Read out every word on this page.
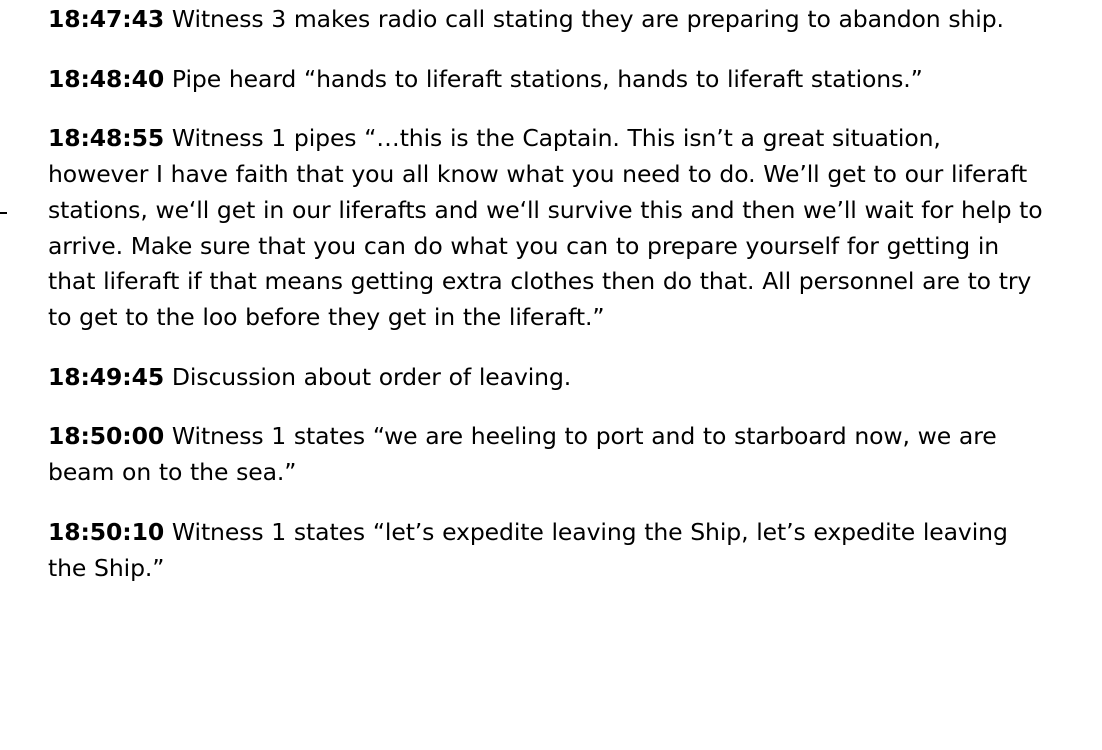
18:47:43 Witness 3 makes radio call stating they are preparing to abandon ship.

18:48:40 Pipe heard “hands to liferaft stations, hands to liferaft stations.”

18:48:55 Witness 1 pipes “…this is the Captain. This isn’t a great situation, however I have faith that you all know what you need to do. We’ll get to our liferaft stations, we‘ll get in our liferafts and we‘ll survive this and then we’ll wait for help to arrive. Make sure that you can do what you can to prepare yourself for getting in that liferaft if that means getting extra clothes then do that. All personnel are to try to get to the loo before they get in the liferaft.”

18:49:45 Discussion about order of leaving.

18:50:00 Witness 1 states “we are heeling to port and to starboard now, we are beam on to the sea.”

18:50:10 Witness 1 states “let’s expedite leaving the Ship, let’s expedite leaving the Ship.”
